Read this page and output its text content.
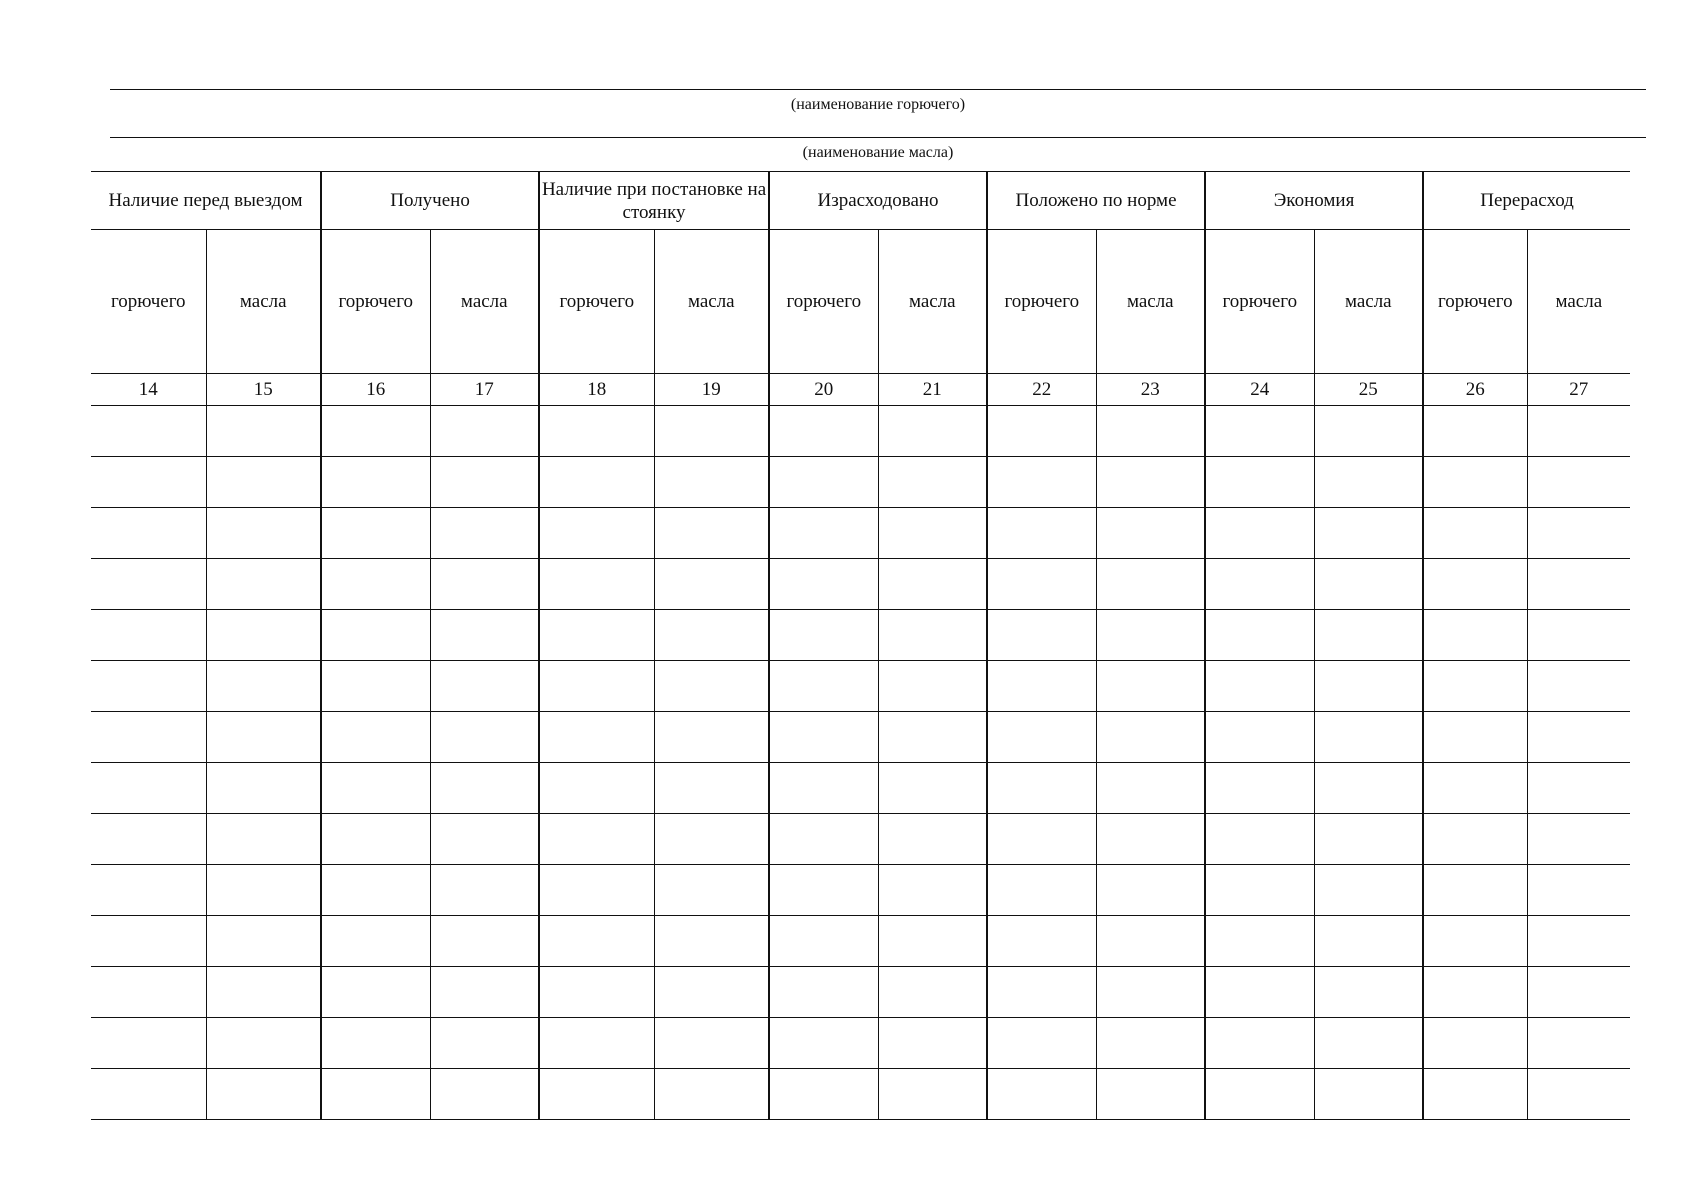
(наименование горючего)
(наименование масла)
Наличие перед выездом		Получено		Наличие при постановке на стоянку		Израсходовано		Положено по норме		Экономия		Перерасход	
горючего	масла	горючего	масла	горючего	масла	горючего	масла	горючего	масла	горючего	масла	горючего	масла
14	15	16	17	18	19	20	21	22	23	24	25	26	27
